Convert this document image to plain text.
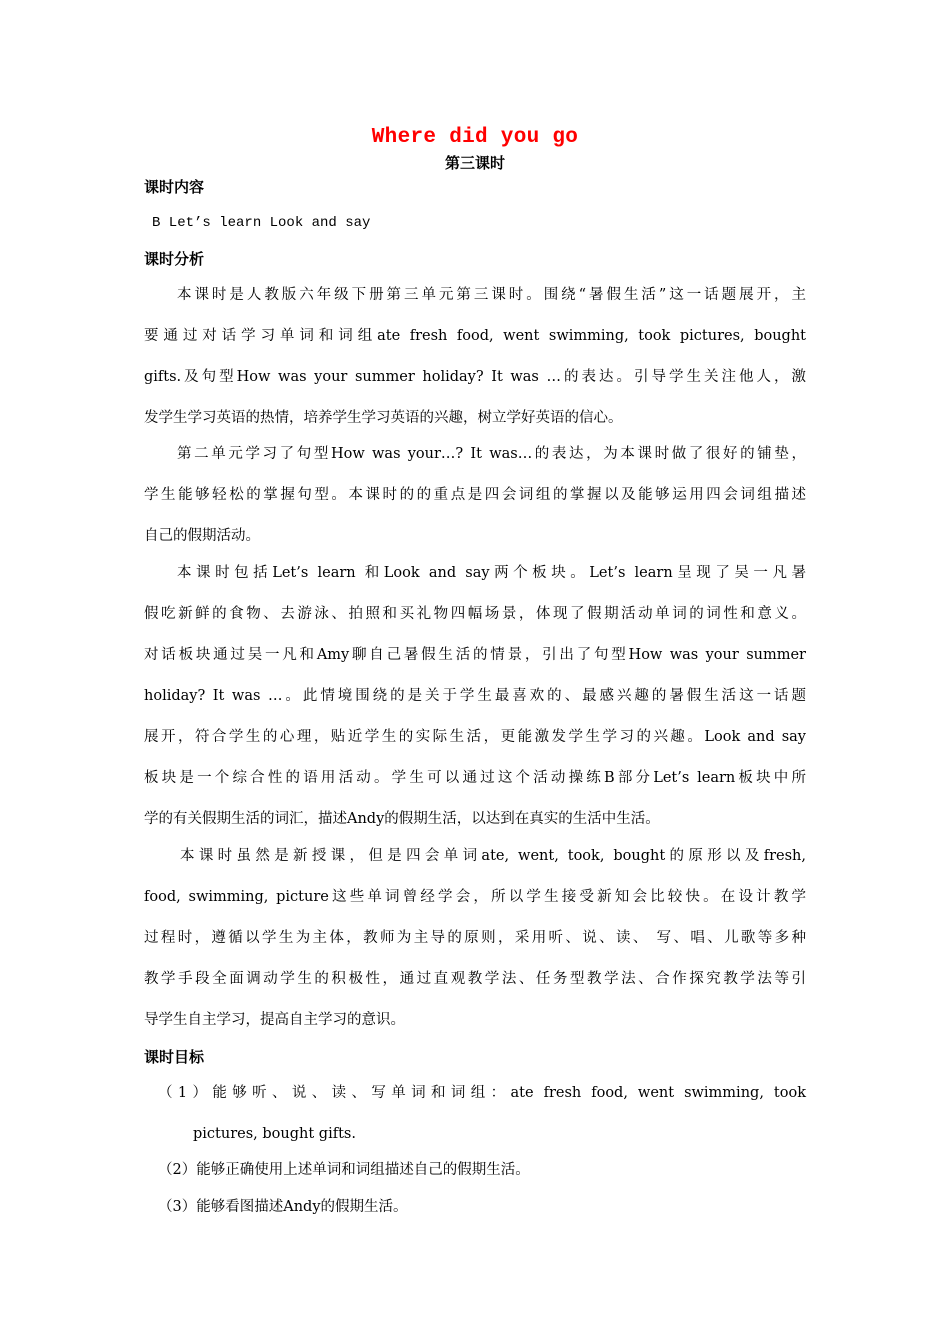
Where did you go
第三课时
课时内容
B Let’s learn Look and say
课时分析
本课时是人教版六年级下册第三单元第三课时。围绕“暑假生活”这一话题展开，主
要通过对话学习单词和词组ate fresh food, went swimming, took pictures, bought
gifts.及句型How was your summer holiday? It was …的表达。引导学生关注他人，激
发学生学习英语的热情，培养学生学习英语的兴趣，树立学好英语的信心。
第二单元学习了句型How was your…? It was…的表达，为本课时做了很好的铺垫，
学生能够轻松的掌握句型。本课时的的重点是四会词组的掌握以及能够运用四会词组描述
自己的假期活动。
本课时包括Let’s learn 和Look and say两个板块。Let’s learn呈现了吴一凡暑
假吃新鲜的食物、去游泳、拍照和买礼物四幅场景，体现了假期活动单词的词性和意义。
对话板块通过吴一凡和Amy聊自己暑假生活的情景，引出了句型How was your summer
holiday? It was …。此情境围绕的是关于学生最喜欢的、最感兴趣的暑假生活这一话题
展开，符合学生的心理，贴近学生的实际生活，更能激发学生学习的兴趣。Look and say
板块是一个综合性的语用活动。学生可以通过这个活动操练B部分Let’s learn板块中所
学的有关假期生活的词汇，描述Andy的假期生活，以达到在真实的生活中生活。
本课时虽然是新授课，但是四会单词ate, went, took, bought的原形以及fresh,
food, swimming, picture这些单词曾经学会，所以学生接受新知会比较快。在设计教学
过程时，遵循以学生为主体，教师为主导的原则，采用听、说、读、 写、唱、儿歌等多种
教学手段全面调动学生的积极性，通过直观教学法、任务型教学法、合作探究教学法等引
导学生自主学习，提高自主学习的意识。
课时目标
（1）能够听、说、读、写单词和词组：ate fresh food, went swimming, took
pictures, bought gifts.
（2）能够正确使用上述单词和词组描述自己的假期生活。
（3）能够看图描述Andy的假期生活。
